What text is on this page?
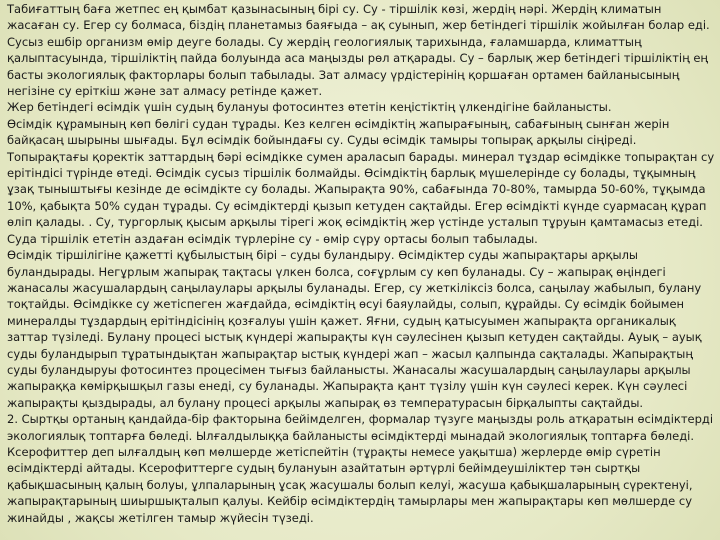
Табиғаттың баға жетпес ең қымбат қазынасының бірі су. Су - тіршілік көзі, жердің нәрі. Жердің климатын жасаған су. Егер су болмаса, біздің планетамыз баяғыда – ақ суынып, жер бетіндегі тіршілік жойылған болар еді. Сусыз ешбір организм өмір деуге болады. Су жердің геологиялық тарихында, ғаламшарда, климаттың қалыптасуында, тіршіліктің пайда болуында аса маңызды рөл атқарады. Су – барлық жер бетіндегі тіршіліктің ең басты экологиялық факторлары болып табылады. Зат алмасу үрдістерінің қоршаған ортамен байланысының негізіне су еріткіш және зат алмасу ретінде қажет.

Жер бетіндегі өсімдік үшін судың булануы фотосинтез өтетін кеңістіктің үлкендігіне байланысты.

Өсімдік құрамының көп бөлігі судан тұрады. Кез келген өсімдіктің жапырағының, сабағының сынған жерін байқасаң шырыны шығады. Бұл өсімдік бойындағы су. Суды өсімдік тамыры топырақ арқылы сіңіреді. Топырақтағы қоректік заттардың бәрі өсімдікке сумен араласып барады. минерал тұздар өсімдікке топырақтан су ерітіндісі түрінде өтеді. Өсімдік сусыз тіршілік болмайды. Өсімдіктің барлық мүшелерінде су болады, тұқымның ұзақ тыныштығы кезінде де өсімдікте су болады. Жапырақта 90%, сабағында 70-80%, тамырда 50-60%, тұқымда 10%, қабықта 50% судан тұрады. Су өсімдіктерді қызып кетуден сақтайды. Егер өсімдікті күнде суармасаң құрап өліп қалады. . Су, тургорлық қысым арқылы тірегі жоқ өсімдіктің жер үстінде усталып тұруын қамтамасыз етеді. Суда тіршілік ететін аздаған өсімдік түрлеріне су - өмір сүру ортасы болып табылады.

Өсімдік тіршілігіне қажетті құбылыстың бірі – суды буландыру. Өсімдіктер суды жапырақтары арқылы буландырады. Негұрлым жапырақ тақтасы үлкен болса, соғұрлым су көп буланады. Су – жапырақ өңіндегі жанасалы жасушалардың саңылаулары арқылы буланады. Егер, су жеткіліксіз болса, саңылау жабылып, булану тоқтайды. Өсімдікке су жетіспеген жағдайда, өсімдіктің өсуі баяулайды, солып, құрайды. Су өсімдік бойымен минералды тұздардың ерітіндісінің қозғалуы үшін қажет. Яғни, судың қатысуымен жапырақта органикалық заттар түзіледі. Булану процесі ыстық күндері жапырақты күн сәулесінен қызып кетуден сақтайды. Ауық – ауық суды буландырып тұратындықтан жапырақтар ыстық күндері жап – жасыл қалпында сақталады. Жапырақтың суды буландыруы фотосинтез процесімен тығыз байланысты. Жанасалы жасушалардың саңылаулары арқылы жапыраққа көмірқышқыл газы енеді, су буланады. Жапырақта қант түзілу үшін күн сәулесі керек. Күн сәулесі жапырақты қыздырады, ал булану процесі арқылы жапырақ өз температурасын бірқалыпты сақтайды.

2. Сыртқы ортаның қандайда-бір факторына бейімделген, формалар түзуге маңызды роль атқаратын өсімдіктерді экологиялық топтарға бөледі. Ылғалдылыққа байланысты өсімдіктерді мынадай экологиялық топтарға бөледі.

Ксерофиттер деп ылғалдың көп мөлшерде жетіспейтін (тұрақты немесе уақытша) жерлерде өмір сүретін өсімдіктерді айтады. Ксерофиттерге судың булануын азайтатын әртүрлі бейімдеушіліктер тән сыртқы қабықшасының қалың болуы, ұлпаларының ұсақ жасушалы болып келуі, жасуша қабықшаларының сүректенуі, жапырақтарының шиыршықталып қалуы. Кейбір өсімдіктердің тамырлары мен жапырақтары көп мөлшерде су жинайды , жақсы жетілген тамыр жүйесін түзеді.
